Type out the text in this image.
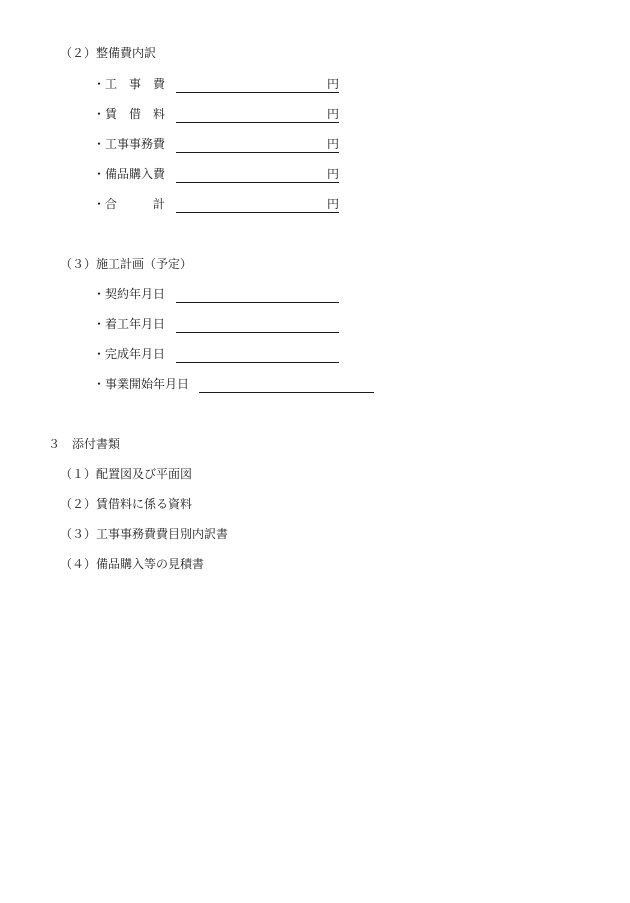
（２）整備費内訳
・工　事　費	円
・賃　借　料	円
・工事事務費	円
・備品購入費	円
・合　　　計	円
（３）施工計画（予定）
・契約年月日
・着工年月日
・完成年月日
・事業開始年月日
３　添付書類
（１）配置図及び平面図
（２）賃借料に係る資料
（３）工事事務費費目別内訳書
（４）備品購入等の見積書
